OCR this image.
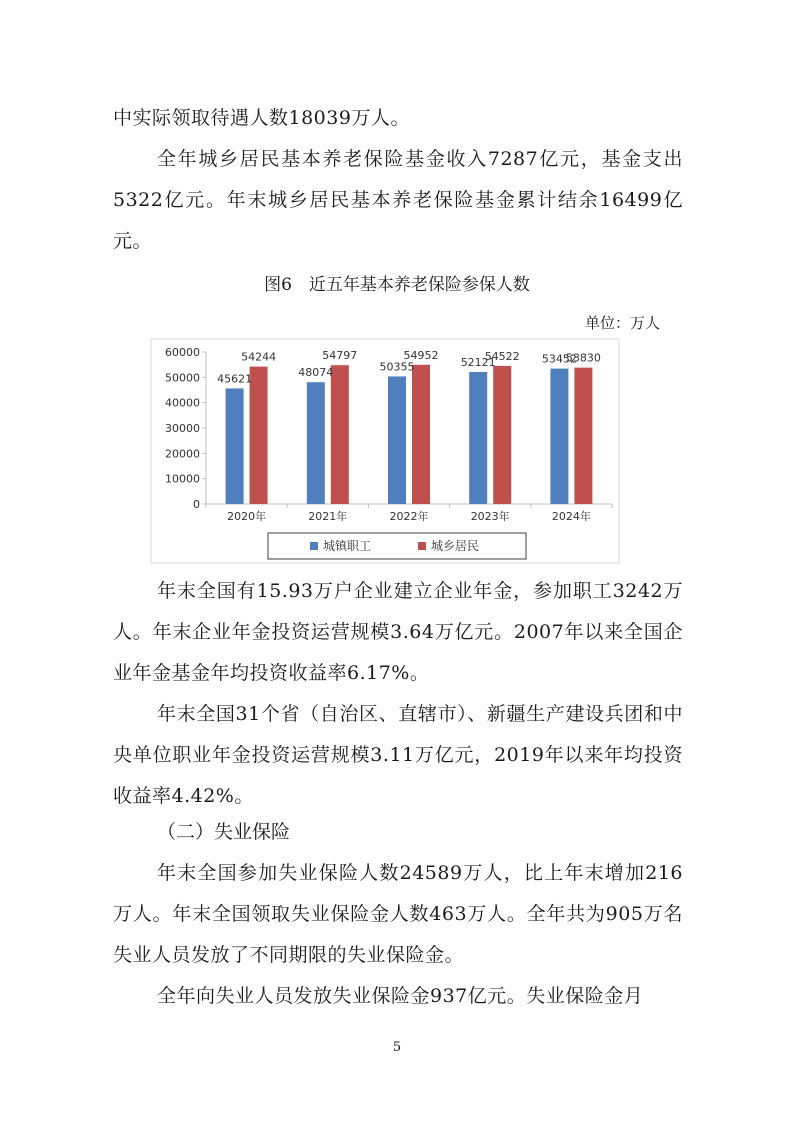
中实际领取待遇人数18039万人。

全年城乡居民基本养老保险基金收入7287亿元，基金支出5322亿元。年末城乡居民基本养老保险基金累计结余16499亿元。

图6　近五年基本养老保险参保人数

单位：万人

0
10000
20000
30000
40000
50000
60000
2020年	2021年	2022年	2023年	2024年
45621
54244
48074
54797
50355
54952
52121
54522 53452
53830
城镇职工	城乡居民

年末全国有15.93万户企业建立企业年金，参加职工3242万人。年末企业年金投资运营规模3.64万亿元。2007年以来全国企业年金基金年均投资收益率6.17%。

年末全国31个省（自治区、直辖市）、新疆生产建设兵团和中央单位职业年金投资运营规模3.11万亿元，2019年以来年均投资收益率4.42%。

（二）失业保险

年末全国参加失业保险人数24589万人，比上年末增加216万人。年末全国领取失业保险金人数463万人。全年共为905万名失业人员发放了不同期限的失业保险金。

全年向失业人员发放失业保险金937亿元。失业保险金月

5
